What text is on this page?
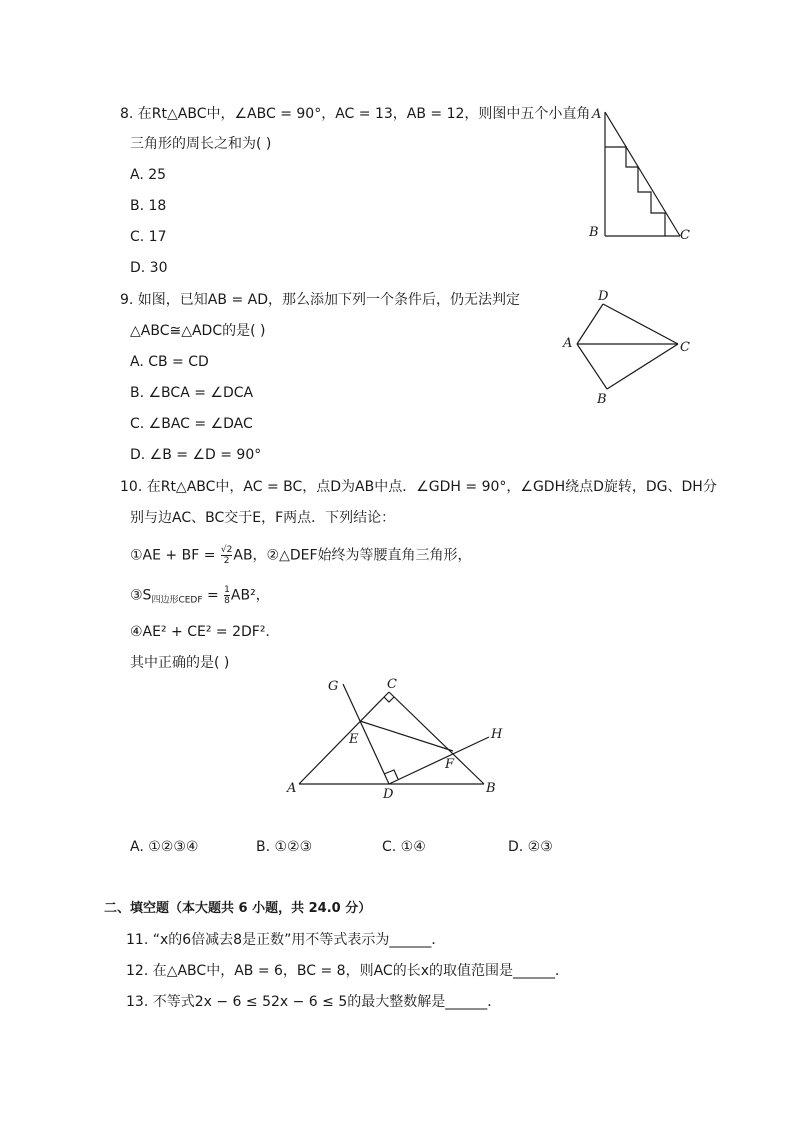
8. 在Rt△ABC中，∠ABC = 90°，AC = 13，AB = 12，则图中五个小直角
三角形的周长之和为( )
A. 25
B. 18
C. 17
D. 30
A
B	C
9. 如图，已知AB = AD，那么添加下列一个条件后，仍无法判定
△ABC≅△ADC的是( )
A. CB = CD
B. ∠BCA = ∠DCA
C. ∠BAC = ∠DAC
D. ∠B = ∠D = 90°
D
A	C
B
10. 在Rt△ABC中，AC = BC，点D为AB中点．∠GDH = 90°，∠GDH绕点D旋转，DG、DH分
别与边AC、BC交于E，F两点．下列结论：
①AE + BF = $\frac{√2}{2}$ AB，②△DEF始终为等腰直角三角形，
$③S_{四边形CEDF} = \frac{1}{8} AB^2$，
④AE² + CE² = 2DF².
其中正确的是( )
G	C
H
E
F
A	D	B
A. ①②③④	B. ①②③	C. ①④	D. ②③
二、填空题（本大题共 6 小题，共 24.0 分）
11. “x的6倍减去8是正数”用不等式表示为______．
12. 在△ABC中，AB = 6，BC = 8，则AC的长x的取值范围是______．
13. 不等式2x − 6 ≤ 52x − 6 ≤ 5的最大整数解是______．
